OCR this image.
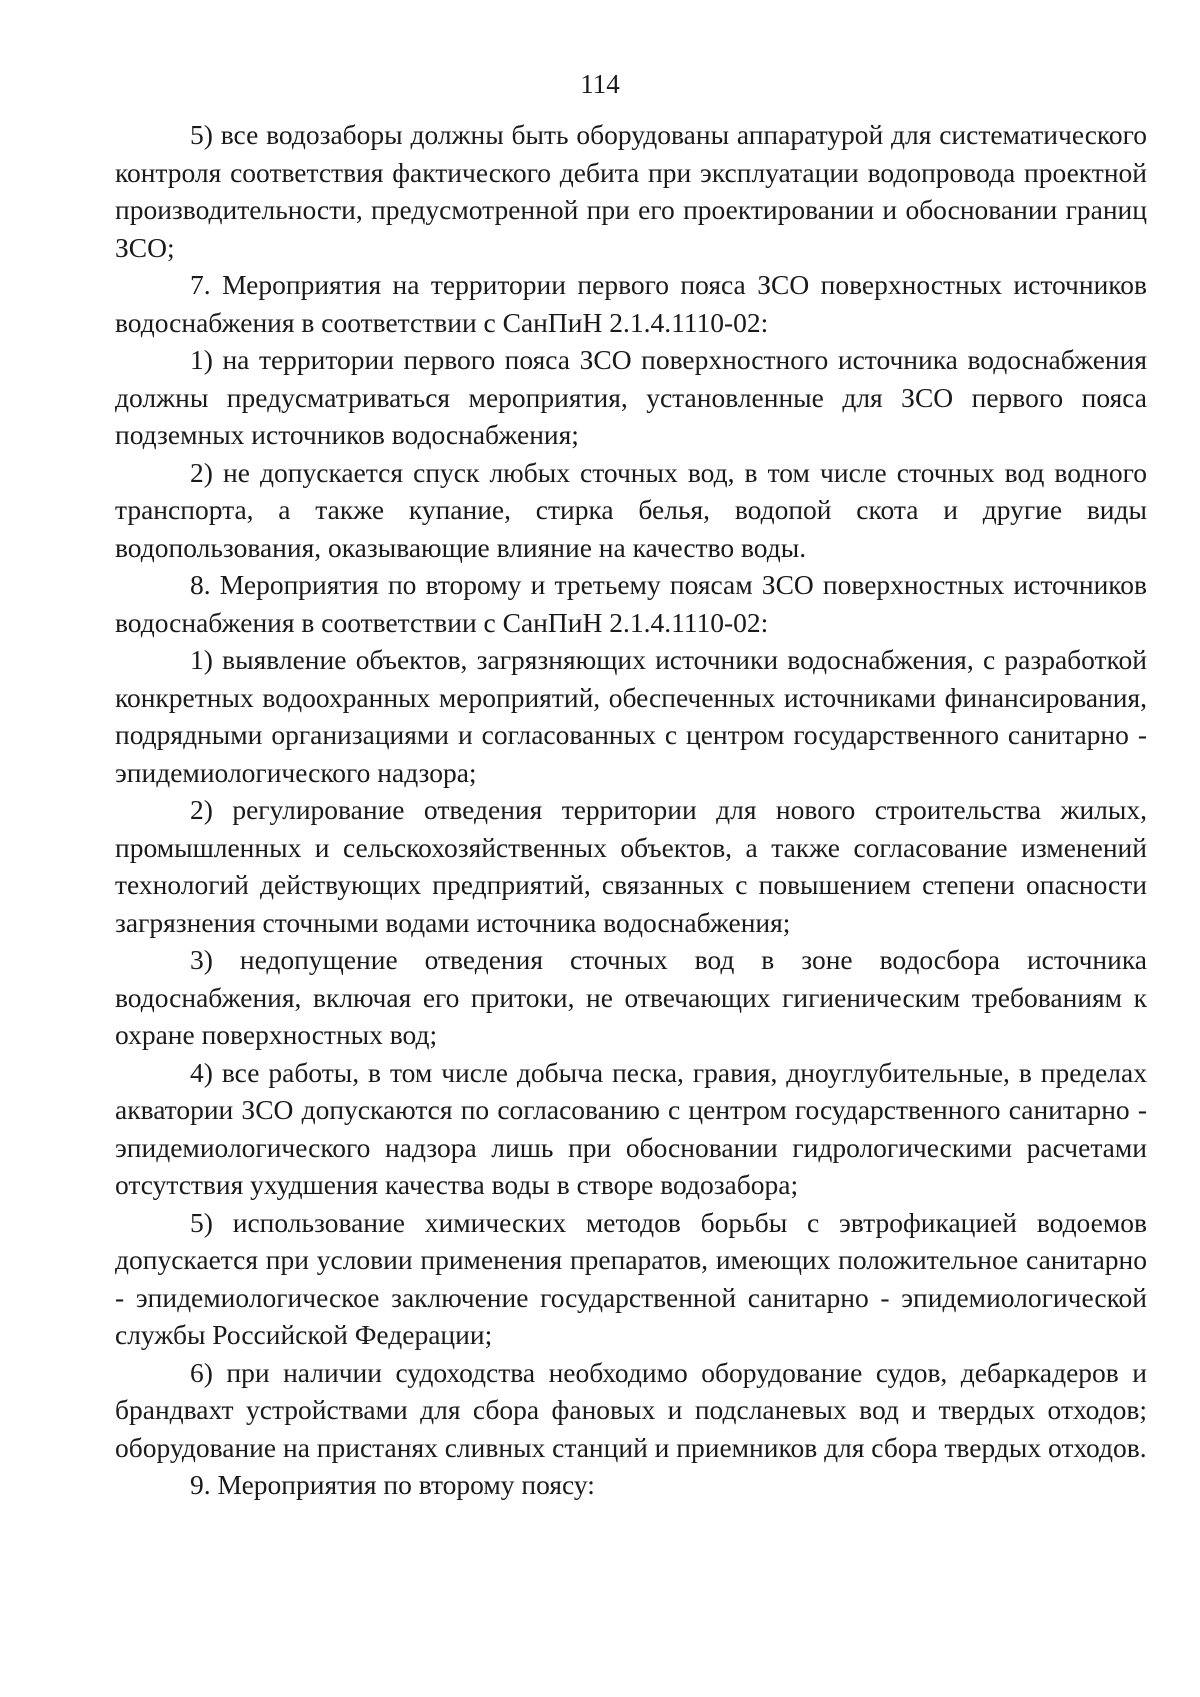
114

5) все водозаборы должны быть оборудованы аппаратурой для систематического контроля соответствия фактического дебита при эксплуатации водопровода проектной производительности, предусмотренной при его проектировании и обосновании границ ЗСО;

7. Мероприятия на территории первого пояса ЗСО поверхностных источников водоснабжения в соответствии с СанПиН 2.1.4.1110-02:

1) на территории первого пояса ЗСО поверхностного источника водоснабжения должны предусматриваться мероприятия, установленные для ЗСО первого пояса подземных источников водоснабжения;

2) не допускается спуск любых сточных вод, в том числе сточных вод водного транспорта, а также купание, стирка белья, водопой скота и другие виды водопользования, оказывающие влияние на качество воды.

8. Мероприятия по второму и третьему поясам ЗСО поверхностных источников водоснабжения в соответствии с СанПиН 2.1.4.1110-02:

1) выявление объектов, загрязняющих источники водоснабжения, с разработкой конкретных водоохранных мероприятий, обеспеченных источниками финансирования, подрядными организациями и согласованных с центром государственного санитарно - эпидемиологического надзора;

2) регулирование отведения территории для нового строительства жилых, промышленных и сельскохозяйственных объектов, а также согласование изменений технологий действующих предприятий, связанных с повышением степени опасности загрязнения сточными водами источника водоснабжения;

3) недопущение отведения сточных вод в зоне водосбора источника водоснабжения, включая его притоки, не отвечающих гигиеническим требованиям к охране поверхностных вод;

4) все работы, в том числе добыча песка, гравия, дноуглубительные, в пределах акватории ЗСО допускаются по согласованию с центром государственного санитарно - эпидемиологического надзора лишь при обосновании гидрологическими расчетами отсутствия ухудшения качества воды в створе водозабора;

5) использование химических методов борьбы с эвтрофикацией водоемов допускается при условии применения препаратов, имеющих положительное санитарно - эпидемиологическое заключение государственной санитарно - эпидемиологической службы Российской Федерации;

6) при наличии судоходства необходимо оборудование судов, дебаркадеров и брандвахт устройствами для сбора фановых и подсланевых вод и твердых отходов; оборудование на пристанях сливных станций и приемников для сбора твердых отходов.

9. Мероприятия по второму поясу:
